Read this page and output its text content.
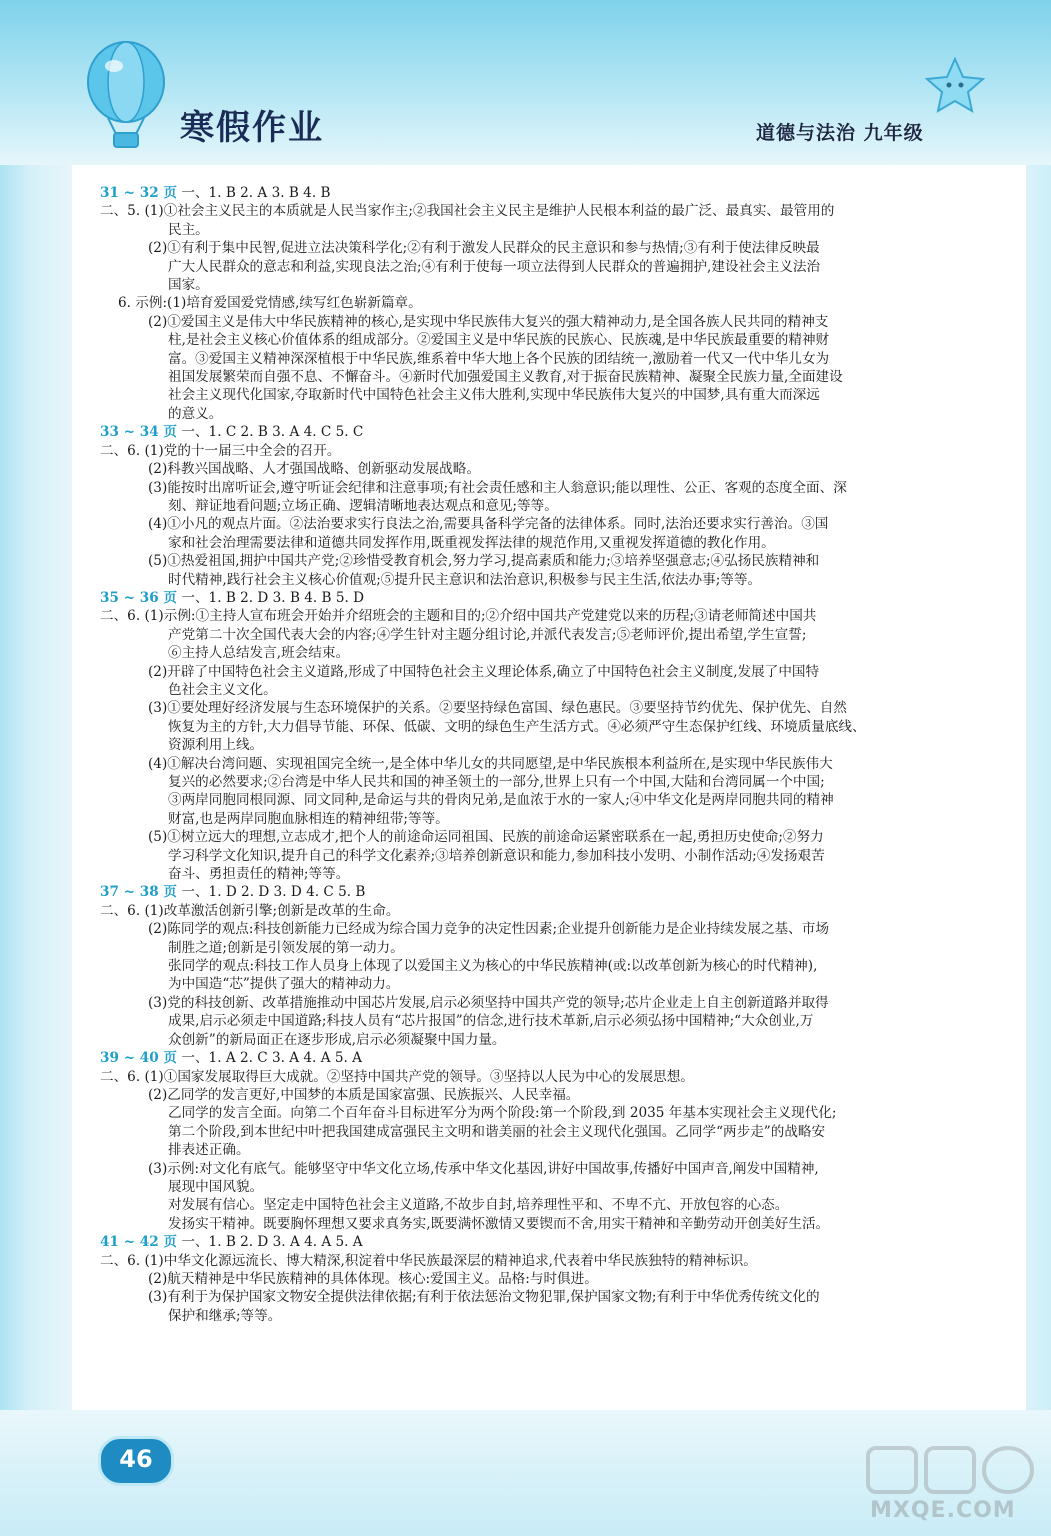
寒假作业	道德与法治 九年级
31 ~ 32 页 一、1. B 2. A 3. B 4. B
二、5. (1)①社会主义民主的本质就是人民当家作主;②我国社会主义民主是维护人民根本利益的最广泛、最真实、最管用的
民主。
(2)①有利于集中民智,促进立法决策科学化;②有利于激发人民群众的民主意识和参与热情;③有利于使法律反映最
广大人民群众的意志和利益,实现良法之治;④有利于使每一项立法得到人民群众的普遍拥护,建设社会主义法治
国家。
6. 示例:(1)培育爱国爱党情感,续写红色崭新篇章。
(2)①爱国主义是伟大中华民族精神的核心,是实现中华民族伟大复兴的强大精神动力,是全国各族人民共同的精神支
柱,是社会主义核心价值体系的组成部分。②爱国主义是中华民族的民族心、民族魂,是中华民族最重要的精神财
富。③爱国主义精神深深植根于中华民族,维系着中华大地上各个民族的团结统一,激励着一代又一代中华儿女为
祖国发展繁荣而自强不息、不懈奋斗。④新时代加强爱国主义教育,对于振奋民族精神、凝聚全民族力量,全面建设
社会主义现代化国家,夺取新时代中国特色社会主义伟大胜利,实现中华民族伟大复兴的中国梦,具有重大而深远
的意义。
33 ~ 34 页 一、1. C 2. B 3. A 4. C 5. C
二、6. (1)党的十一届三中全会的召开。
(2)科教兴国战略、人才强国战略、创新驱动发展战略。
(3)能按时出席听证会,遵守听证会纪律和注意事项;有社会责任感和主人翁意识;能以理性、公正、客观的态度全面、深
刻、辩证地看问题;立场正确、逻辑清晰地表达观点和意见;等等。
(4)①小凡的观点片面。②法治要求实行良法之治,需要具备科学完备的法律体系。同时,法治还要求实行善治。③国
家和社会治理需要法律和道德共同发挥作用,既重视发挥法律的规范作用,又重视发挥道德的教化作用。
(5)①热爱祖国,拥护中国共产党;②珍惜受教育机会,努力学习,提高素质和能力;③培养坚强意志;④弘扬民族精神和
时代精神,践行社会主义核心价值观;⑤提升民主意识和法治意识,积极参与民主生活,依法办事;等等。
35 ~ 36 页 一、1. B 2. D 3. B 4. B 5. D
二、6. (1)示例:①主持人宣布班会开始并介绍班会的主题和目的;②介绍中国共产党建党以来的历程;③请老师简述中国共
产党第二十次全国代表大会的内容;④学生针对主题分组讨论,并派代表发言;⑤老师评价,提出希望,学生宣誓;
⑥主持人总结发言,班会结束。
(2)开辟了中国特色社会主义道路,形成了中国特色社会主义理论体系,确立了中国特色社会主义制度,发展了中国特
色社会主义文化。
(3)①要处理好经济发展与生态环境保护的关系。②要坚持绿色富国、绿色惠民。③要坚持节约优先、保护优先、自然
恢复为主的方针,大力倡导节能、环保、低碳、文明的绿色生产生活方式。④必须严守生态保护红线、环境质量底线、
资源利用上线。
(4)①解决台湾问题、实现祖国完全统一,是全体中华儿女的共同愿望,是中华民族根本利益所在,是实现中华民族伟大
复兴的必然要求;②台湾是中华人民共和国的神圣领土的一部分,世界上只有一个中国,大陆和台湾同属一个中国;
③两岸同胞同根同源、同文同种,是命运与共的骨肉兄弟,是血浓于水的一家人;④中华文化是两岸同胞共同的精神
财富,也是两岸同胞血脉相连的精神纽带;等等。
(5)①树立远大的理想,立志成才,把个人的前途命运同祖国、民族的前途命运紧密联系在一起,勇担历史使命;②努力
学习科学文化知识,提升自己的科学文化素养;③培养创新意识和能力,参加科技小发明、小制作活动;④发扬艰苦
奋斗、勇担责任的精神;等等。
37 ~ 38 页 一、1. D 2. D 3. D 4. C 5. B
二、6. (1)改革激活创新引擎;创新是改革的生命。
(2)陈同学的观点:科技创新能力已经成为综合国力竞争的决定性因素;企业提升创新能力是企业持续发展之基、市场
制胜之道;创新是引领发展的第一动力。
张同学的观点:科技工作人员身上体现了以爱国主义为核心的中华民族精神(或:以改革创新为核心的时代精神),
为中国造“芯”提供了强大的精神动力。
(3)党的科技创新、改革措施推动中国芯片发展,启示必须坚持中国共产党的领导;芯片企业走上自主创新道路并取得
成果,启示必须走中国道路;科技人员有“芯片报国”的信念,进行技术革新,启示必须弘扬中国精神;“大众创业,万
众创新”的新局面正在逐步形成,启示必须凝聚中国力量。
39 ~ 40 页 一、1. A 2. C 3. A 4. A 5. A
二、6. (1)①国家发展取得巨大成就。②坚持中国共产党的领导。③坚持以人民为中心的发展思想。
(2)乙同学的发言更好,中国梦的本质是国家富强、民族振兴、人民幸福。
乙同学的发言全面。向第二个百年奋斗目标进军分为两个阶段:第一个阶段,到 2035 年基本实现社会主义现代化;
第二个阶段,到本世纪中叶把我国建成富强民主文明和谐美丽的社会主义现代化强国。乙同学“两步走”的战略安
排表述正确。
(3)示例:对文化有底气。能够坚守中华文化立场,传承中华文化基因,讲好中国故事,传播好中国声音,阐发中国精神,
展现中国风貌。
对发展有信心。坚定走中国特色社会主义道路,不故步自封,培养理性平和、不卑不亢、开放包容的心态。
发扬实干精神。既要胸怀理想又要求真务实,既要满怀激情又要锲而不舍,用实干精神和辛勤劳动开创美好生活。
41 ~ 42 页 一、1. B 2. D 3. A 4. A 5. A
二、6. (1)中华文化源远流长、博大精深,积淀着中华民族最深层的精神追求,代表着中华民族独特的精神标识。
(2)航天精神是中华民族精神的具体体现。核心:爱国主义。品格:与时俱进。
(3)有利于为保护国家文物安全提供法律依据;有利于依法惩治文物犯罪,保护国家文物;有利于中华优秀传统文化的
保护和继承;等等。
46
MXQE.COM
